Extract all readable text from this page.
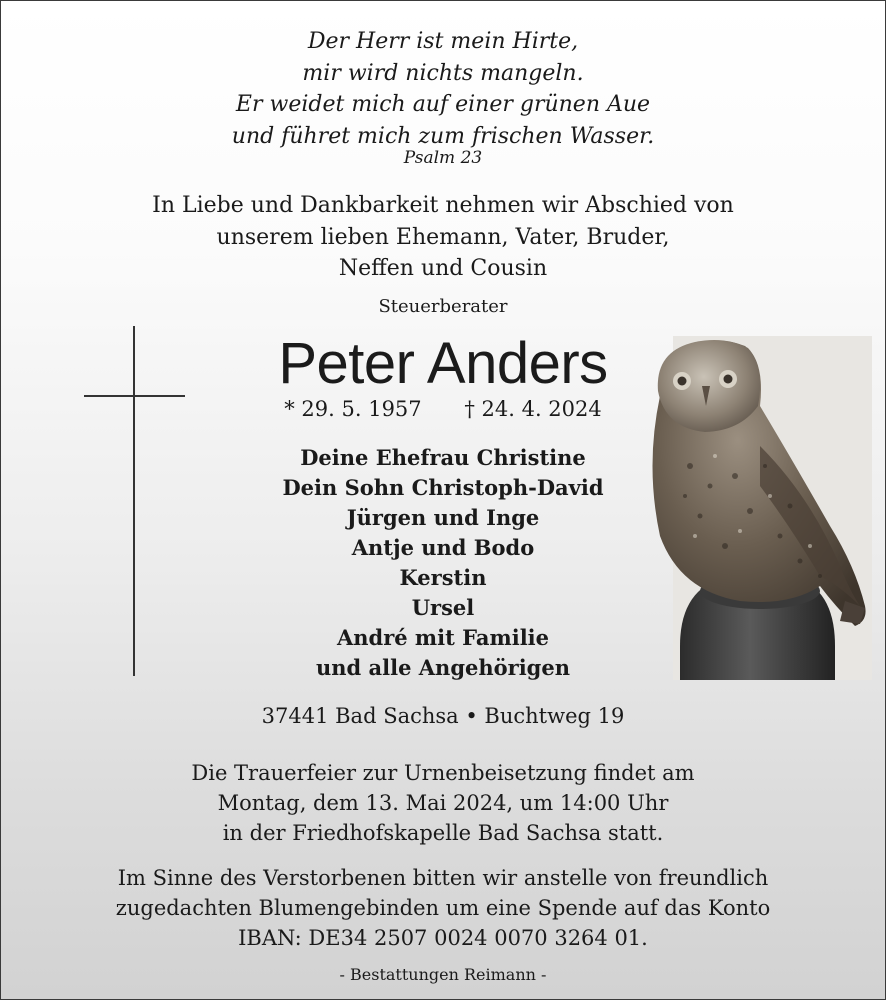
Der Herr ist mein Hirte,
mir wird nichts mangeln.
Er weidet mich auf einer grünen Aue
und führet mich zum frischen Wasser.
Psalm 23
In Liebe und Dankbarkeit nehmen wir Abschied von
unserem lieben Ehemann, Vater, Bruder,
Neffen und Cousin
Steuerberater
Peter Anders
* 29. 5. 1957 † 24. 4. 2024
Deine Ehefrau Christine
Dein Sohn Christoph-David
Jürgen und Inge
Antje und Bodo
Kerstin
Ursel
André mit Familie
und alle Angehörigen
37441 Bad Sachsa • Buchtweg 19
Die Trauerfeier zur Urnenbeisetzung findet am
Montag, dem 13. Mai 2024, um 14:00 Uhr
in der Friedhofskapelle Bad Sachsa statt.
Im Sinne des Verstorbenen bitten wir anstelle von freundlich
zugedachten Blumengebinden um eine Spende auf das Konto
IBAN: DE34 2507 0024 0070 3264 01.
- Bestattungen Reimann -
